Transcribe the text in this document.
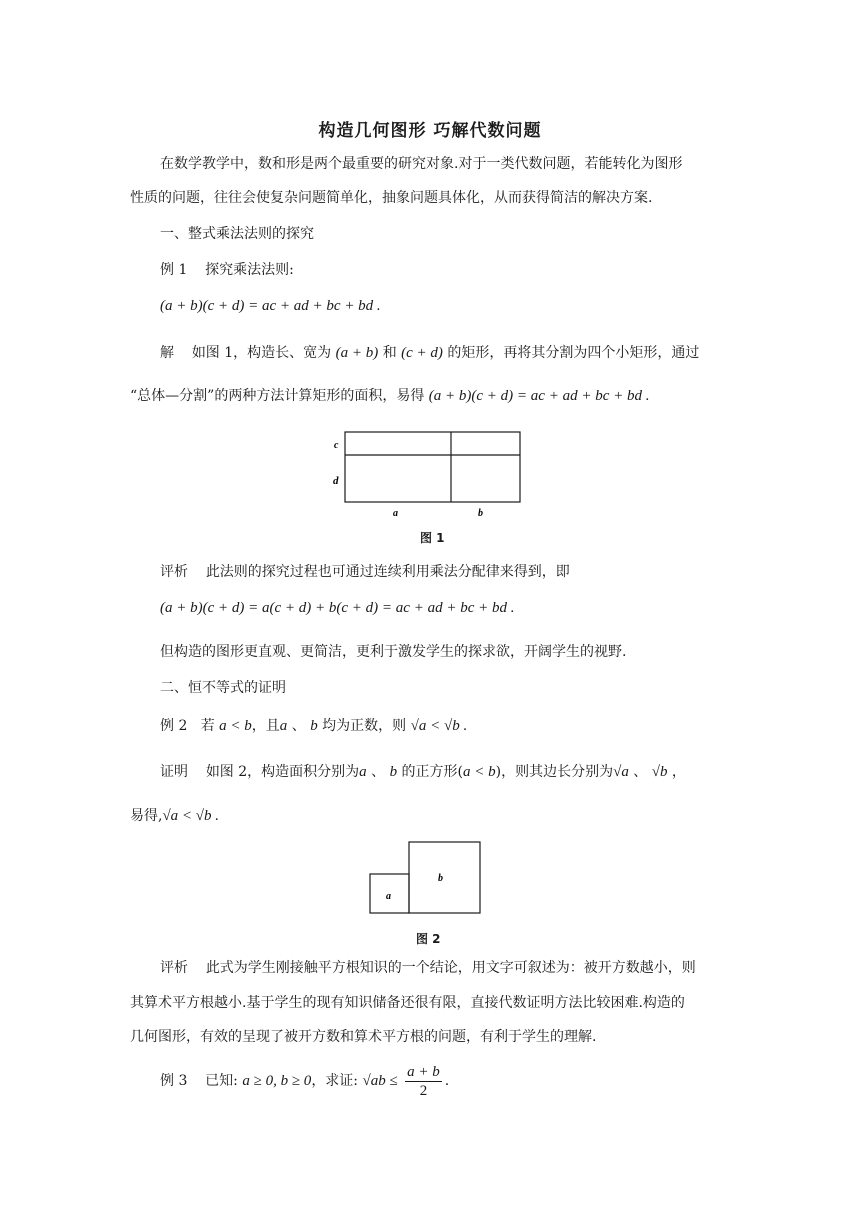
构造几何图形 巧解代数问题
在数学教学中，数和形是两个最重要的研究对象.对于一类代数问题，若能转化为图形
性质的问题，往往会使复杂问题简单化，抽象问题具体化，从而获得简洁的解决方案.
一、整式乘法法则的探究
例 1 探究乘法法则:
(a + b)(c + d) = ac + ad + bc + bd .
解 如图 1，构造长、宽为 (a + b) 和 (c + d) 的矩形，再将其分割为四个小矩形，通过
“总体—分割”的两种方法计算矩形的面积，易得 (a + b)(c + d) = ac + ad + bc + bd .
c
d
a	b
图 1
评析 此法则的探究过程也可通过连续利用乘法分配律来得到，即
(a + b)(c + d) = a(c + d) + b(c + d) = ac + ad + bc + bd .
但构造的图形更直观、更简洁，更利于激发学生的探求欲，开阔学生的视野.
二、恒不等式的证明
例 2 若 a < b，且a 、 b 均为正数，则 √a < √b .
证明 如图 2，构造面积分别为a 、 b 的正方形(a < b)，则其边长分别为√a 、 √b ，
易得,√a < √b .
a
b
图 2
评析 此式为学生刚接触平方根知识的一个结论，用文字可叙述为：被开方数越小，则
其算术平方根越小.基于学生的现有知识储备还很有限，直接代数证明方法比较困难.构造的
几何图形，有效的呈现了被开方数和算术平方根的问题，有利于学生的理解.
例 3 已知: a ≥ 0, b ≥ 0，求证: $√ab \le \frac{a + b}{2}$ .
